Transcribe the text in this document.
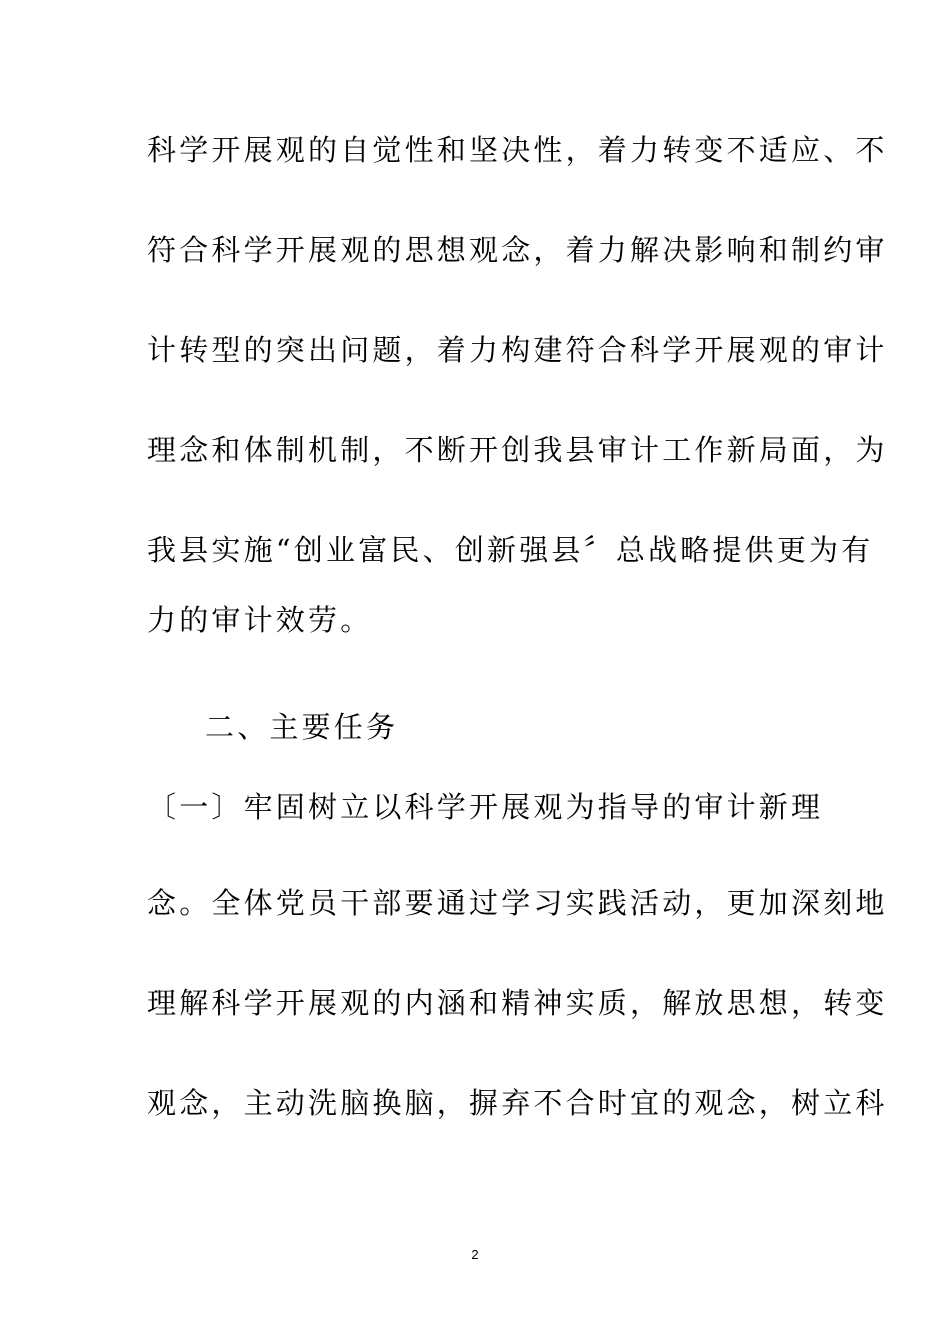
科学开展观的自觉性和坚决性，着力转变不适应、不
符合科学开展观的思想观念，着力解决影响和制约审
计转型的突出问题，着力构建符合科学开展观的审计
理念和体制机制，不断开创我县审计工作新局面，为
我县实施“创业富民、创新强县〞总战略提供更为有
力的审计效劳。
二、主要任务
〔一〕牢固树立以科学开展观为指导的审计新理
念。全体党员干部要通过学习实践活动，更加深刻地
理解科学开展观的内涵和精神实质，解放思想，转变
观念，主动洗脑换脑，摒弃不合时宜的观念，树立科
2
